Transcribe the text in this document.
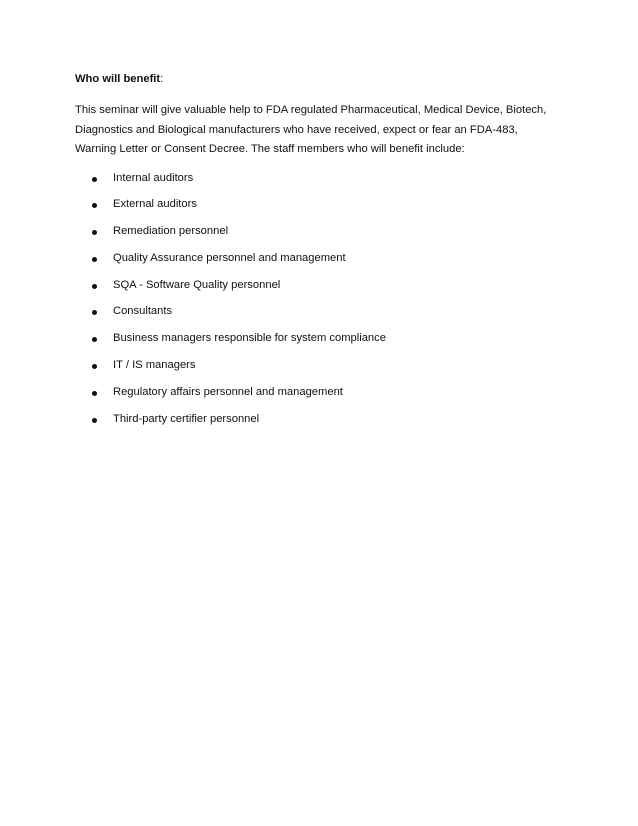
Who will benefit:

This seminar will give valuable help to FDA regulated Pharmaceutical, Medical Device, Biotech, Diagnostics and Biological manufacturers who have received, expect or fear an FDA-483, Warning Letter or Consent Decree. The staff members who will benefit include:

Internal auditors
External auditors
Remediation personnel
Quality Assurance personnel and management
SQA - Software Quality personnel
Consultants
Business managers responsible for system compliance
IT / IS managers
Regulatory affairs personnel and management
Third-party certifier personnel
